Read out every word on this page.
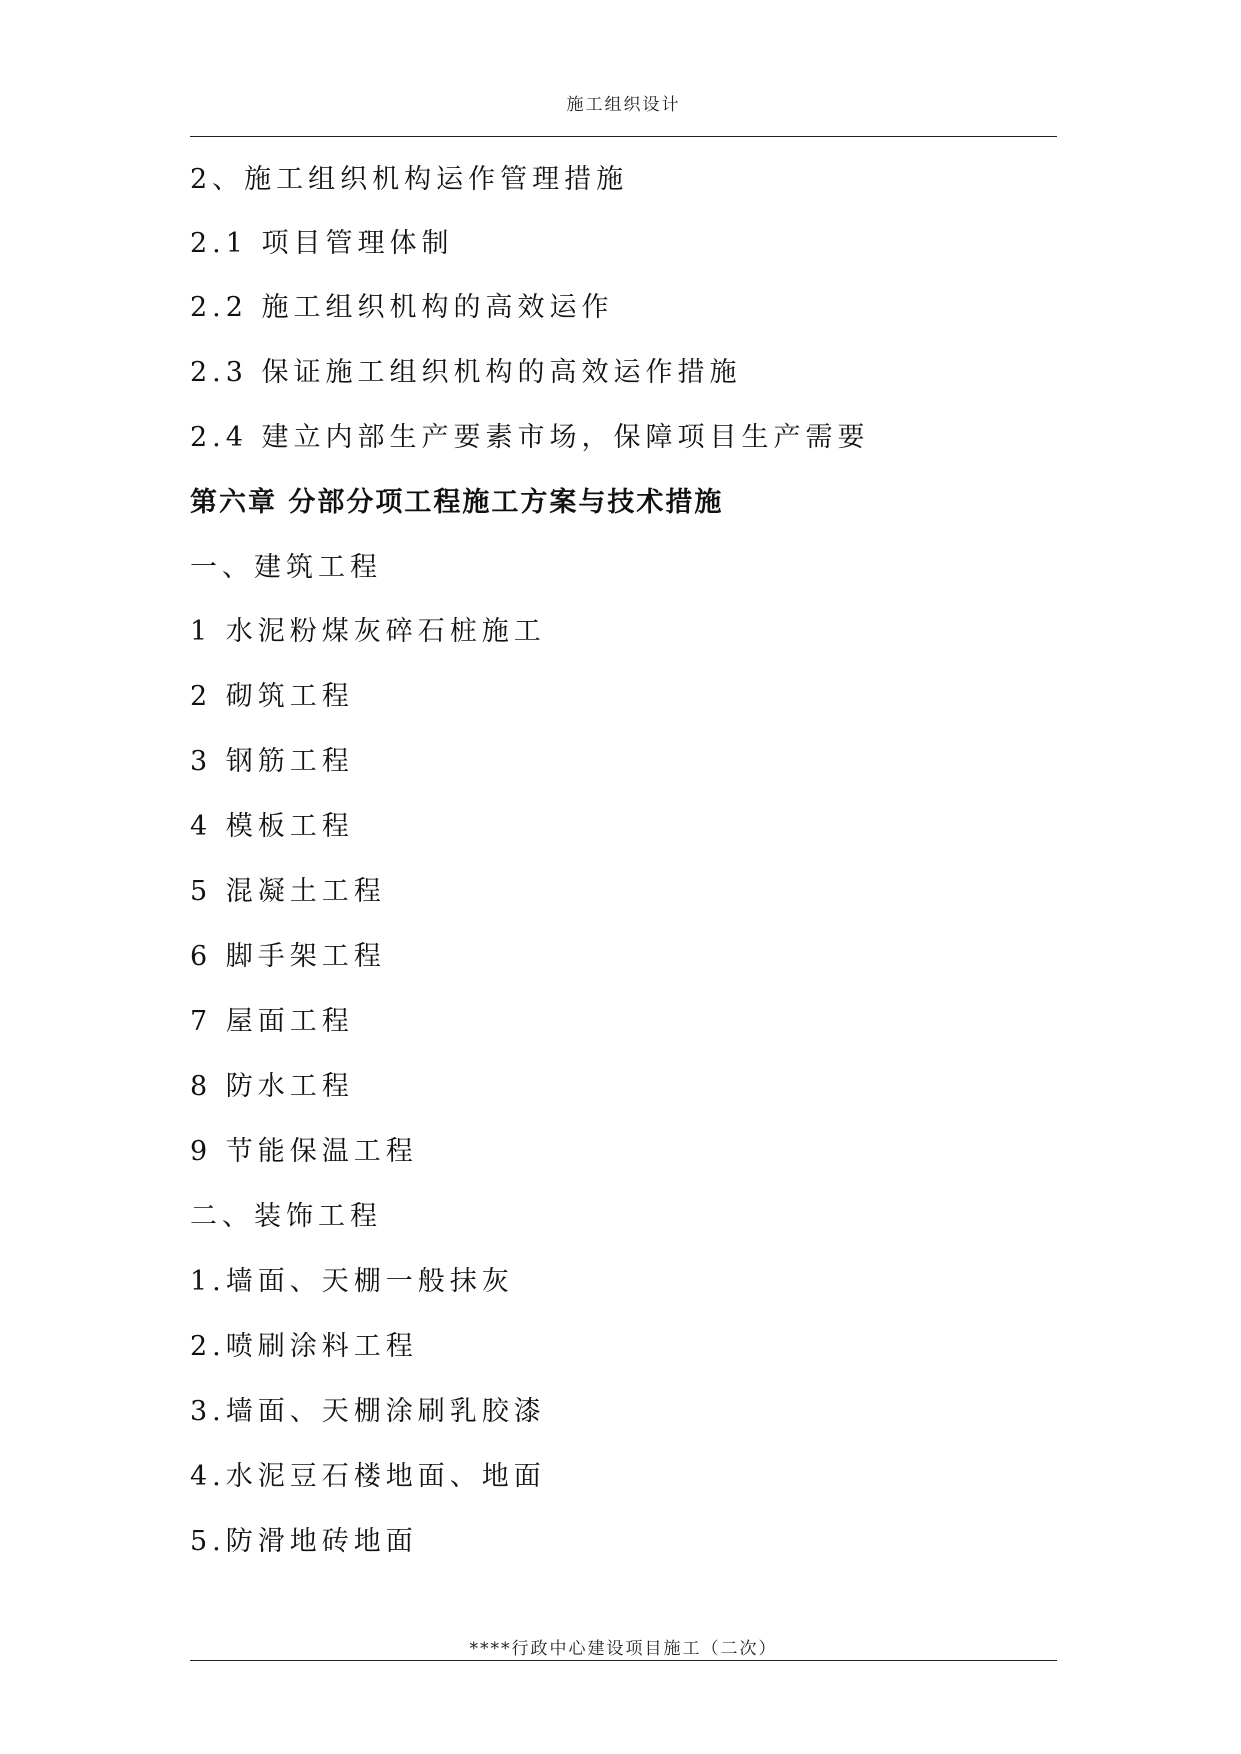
施工组织设计
2、施工组织机构运作管理措施
2.1 项目管理体制
2.2 施工组织机构的高效运作
2.3 保证施工组织机构的高效运作措施
2.4 建立内部生产要素市场，保障项目生产需要
第六章 分部分项工程施工方案与技术措施
一、建筑工程
1 水泥粉煤灰碎石桩施工
2 砌筑工程
3 钢筋工程
4 模板工程
5 混凝土工程
6 脚手架工程
7 屋面工程
8 防水工程
9 节能保温工程
二、装饰工程
1.墙面、天棚一般抹灰
2.喷刷涂料工程
3.墙面、天棚涂刷乳胶漆
4.水泥豆石楼地面、地面
5.防滑地砖地面
****行政中心建设项目施工（二次）
